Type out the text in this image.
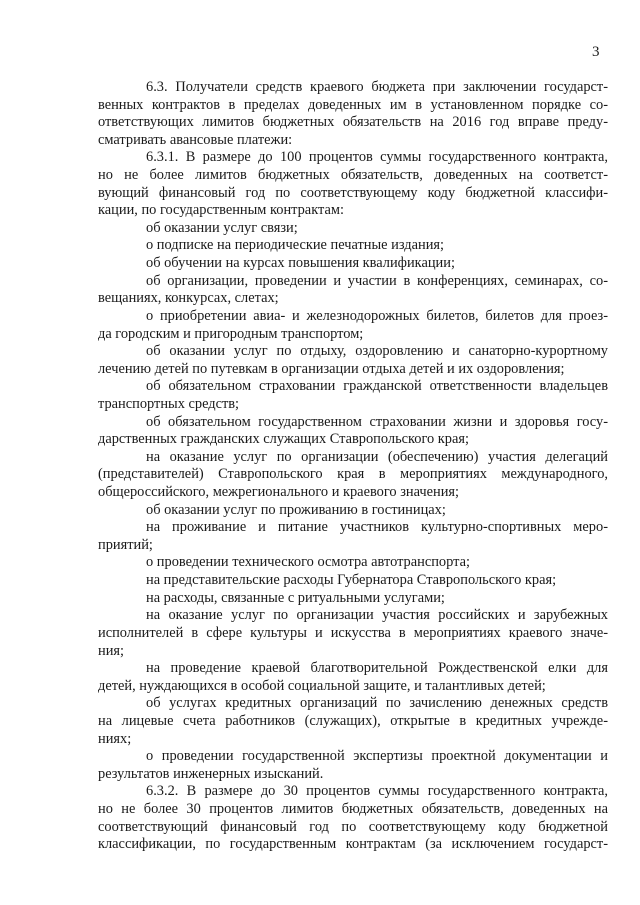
3
6.3. Получатели средств краевого бюджета при заключении государст-
венных контрактов в пределах доведенных им в установленном порядке со-
ответствующих лимитов бюджетных обязательств на 2016 год вправе преду-
сматривать авансовые платежи:
6.3.1. В размере до 100 процентов суммы государственного контракта,
но не более лимитов бюджетных обязательств, доведенных на соответст-
вующий финансовый год по соответствующему коду бюджетной классифи-
кации, по государственным контрактам:
об оказании услуг связи;
о подписке на периодические печатные издания;
об обучении на курсах повышения квалификации;
об организации, проведении и участии в конференциях, семинарах, со-
вещаниях, конкурсах, слетах;
о приобретении авиа- и железнодорожных билетов, билетов для проез-
да городским и пригородным транспортом;
об оказании услуг по отдыху, оздоровлению и санаторно-курортному
лечению детей по путевкам в организации отдыха детей и их оздоровления;
об обязательном страховании гражданской ответственности владельцев
транспортных средств;
об обязательном государственном страховании жизни и здоровья госу-
дарственных гражданских служащих Ставропольского края;
на оказание услуг по организации (обеспечению) участия делегаций
(представителей) Ставропольского края в мероприятиях международного,
общероссийского, межрегионального и краевого значения;
об оказании услуг по проживанию в гостиницах;
на проживание и питание участников культурно-спортивных меро-
приятий;
о проведении технического осмотра автотранспорта;
на представительские расходы Губернатора Ставропольского края;
на расходы, связанные с ритуальными услугами;
на оказание услуг по организации участия российских и зарубежных
исполнителей в сфере культуры и искусства в мероприятиях краевого значе-
ния;
на проведение краевой благотворительной Рождественской елки для
детей, нуждающихся в особой социальной защите, и талантливых детей;
об услугах кредитных организаций по зачислению денежных средств
на лицевые счета работников (служащих), открытые в кредитных учрежде-
ниях;
о проведении государственной экспертизы проектной документации и
результатов инженерных изысканий.
6.3.2. В размере до 30 процентов суммы государственного контракта,
но не более 30 процентов лимитов бюджетных обязательств, доведенных на
соответствующий финансовый год по соответствующему коду бюджетной
классификации, по государственным контрактам (за исключением государст-
